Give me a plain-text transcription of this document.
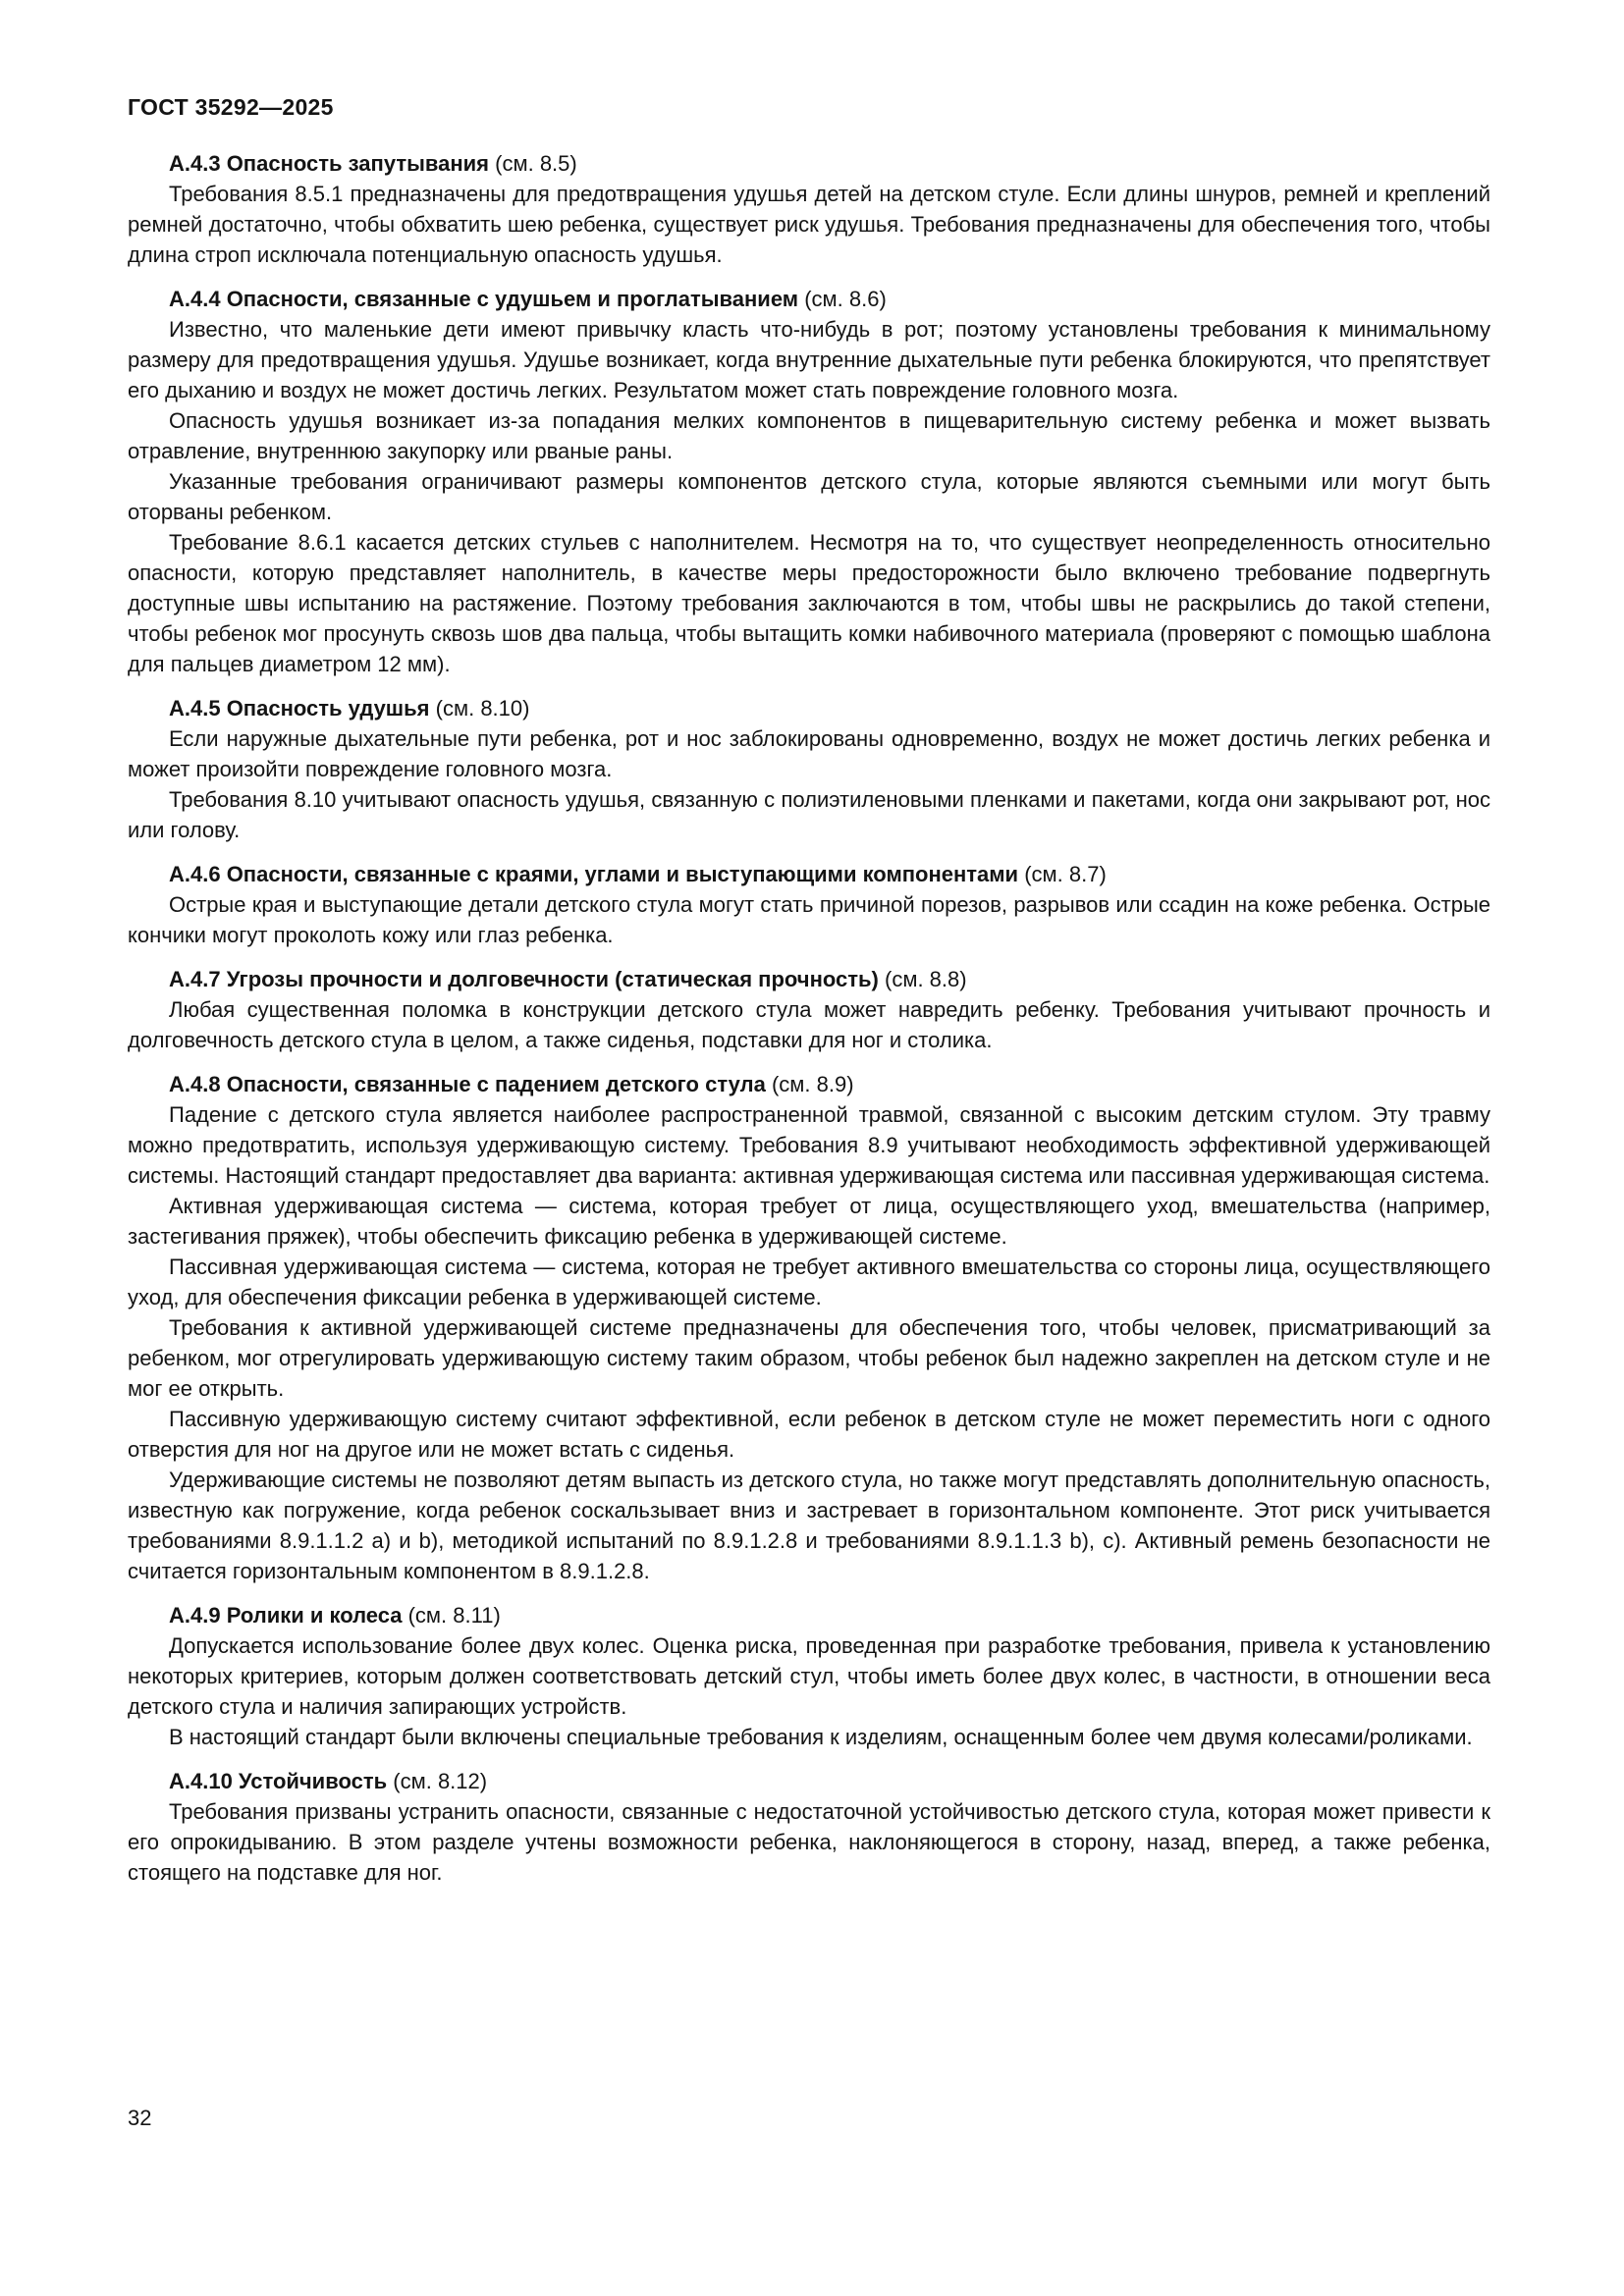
ГОСТ 35292—2025
А.4.3 Опасность запутывания (см. 8.5)

Требования 8.5.1 предназначены для предотвращения удушья детей на детском стуле. Если длины шнуров, ремней и креплений ремней достаточно, чтобы обхватить шею ребенка, существует риск удушья. Требования предназначены для обеспечения того, чтобы длина строп исключала потенциальную опасность удушья.

А.4.4 Опасности, связанные с удушьем и проглатыванием (см. 8.6)

Известно, что маленькие дети имеют привычку класть что-нибудь в рот; поэтому установлены требования к минимальному размеру для предотвращения удушья. Удушье возникает, когда внутренние дыхательные пути ребенка блокируются, что препятствует его дыханию и воздух не может достичь легких. Результатом может стать повреждение головного мозга.

Опасность удушья возникает из-за попадания мелких компонентов в пищеварительную систему ребенка и может вызвать отравление, внутреннюю закупорку или рваные раны.

Указанные требования ограничивают размеры компонентов детского стула, которые являются съемными или могут быть оторваны ребенком.

Требование 8.6.1 касается детских стульев с наполнителем. Несмотря на то, что существует неопределенность относительно опасности, которую представляет наполнитель, в качестве меры предосторожности было включено требование подвергнуть доступные швы испытанию на растяжение. Поэтому требования заключаются в том, чтобы швы не раскрылись до такой степени, чтобы ребенок мог просунуть сквозь шов два пальца, чтобы вытащить комки набивочного материала (проверяют с помощью шаблона для пальцев диаметром 12 мм).

А.4.5 Опасность удушья (см. 8.10)

Если наружные дыхательные пути ребенка, рот и нос заблокированы одновременно, воздух не может достичь легких ребенка и может произойти повреждение головного мозга.

Требования 8.10 учитывают опасность удушья, связанную с полиэтиленовыми пленками и пакетами, когда они закрывают рот, нос или голову.

А.4.6 Опасности, связанные с краями, углами и выступающими компонентами (см. 8.7)

Острые края и выступающие детали детского стула могут стать причиной порезов, разрывов или ссадин на коже ребенка. Острые кончики могут проколоть кожу или глаз ребенка.

А.4.7 Угрозы прочности и долговечности (статическая прочность) (см. 8.8)

Любая существенная поломка в конструкции детского стула может навредить ребенку. Требования учитывают прочность и долговечность детского стула в целом, а также сиденья, подставки для ног и столика.

А.4.8 Опасности, связанные с падением детского стула (см. 8.9)

Падение с детского стула является наиболее распространенной травмой, связанной с высоким детским стулом. Эту травму можно предотвратить, используя удерживающую систему. Требования 8.9 учитывают необходимость эффективной удерживающей системы. Настоящий стандарт предоставляет два варианта: активная удерживающая система или пассивная удерживающая система.

Активная удерживающая система — система, которая требует от лица, осуществляющего уход, вмешательства (например, застегивания пряжек), чтобы обеспечить фиксацию ребенка в удерживающей системе.

Пассивная удерживающая система — система, которая не требует активного вмешательства со стороны лица, осуществляющего уход, для обеспечения фиксации ребенка в удерживающей системе.

Требования к активной удерживающей системе предназначены для обеспечения того, чтобы человек, присматривающий за ребенком, мог отрегулировать удерживающую систему таким образом, чтобы ребенок был надежно закреплен на детском стуле и не мог ее открыть.

Пассивную удерживающую систему считают эффективной, если ребенок в детском стуле не может переместить ноги с одного отверстия для ног на другое или не может встать с сиденья.

Удерживающие системы не позволяют детям выпасть из детского стула, но также могут представлять дополнительную опасность, известную как погружение, когда ребенок соскальзывает вниз и застревает в горизонтальном компоненте. Этот риск учитывается требованиями 8.9.1.1.2 а) и b), методикой испытаний по 8.9.1.2.8 и требованиями 8.9.1.1.3 b), с). Активный ремень безопасности не считается горизонтальным компонентом в 8.9.1.2.8.

А.4.9 Ролики и колеса (см. 8.11)

Допускается использование более двух колес. Оценка риска, проведенная при разработке требования, привела к установлению некоторых критериев, которым должен соответствовать детский стул, чтобы иметь более двух колес, в частности, в отношении веса детского стула и наличия запирающих устройств.

В настоящий стандарт были включены специальные требования к изделиям, оснащенным более чем двумя колесами/роликами.

А.4.10 Устойчивость (см. 8.12)

Требования призваны устранить опасности, связанные с недостаточной устойчивостью детского стула, которая может привести к его опрокидыванию. В этом разделе учтены возможности ребенка, наклоняющегося в сторону, назад, вперед, а также ребенка, стоящего на подставке для ног.

32
